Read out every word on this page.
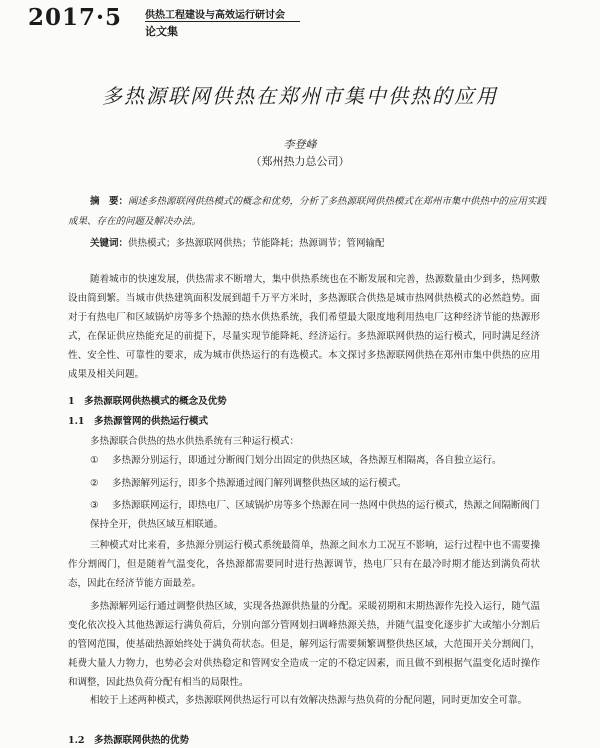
2017·5 供热工程建设与高效运行研讨会
论文集
多热源联网供热在郑州市集中供热的应用
李登峰
（郑州热力总公司）
摘　要：阐述多热源联网供热模式的概念和优势，分析了多热源联网供热模式在郑州市集中供热中的应用实践成果、存在的问题及解决办法。
关键词：供热模式；多热源联网供热；节能降耗；热源调节；管网输配
随着城市的快速发展，供热需求不断增大，集中供热系统也在不断发展和完善，热源数量由少到多，热网敷设由简到繁。当城市供热建筑面积发展到超千万平方米时，多热源联合供热是城市热网供热模式的必然趋势。面对于有热电厂和区域锅炉房等多个热源的热水供热系统，我们希望最大限度地利用热电厂这种经济节能的热源形式，在保证供应热能充足的前提下，尽量实现节能降耗、经济运行。多热源联网供热的运行模式，同时满足经济性、安全性、可靠性的要求，成为城市供热运行的有选模式。本文探讨多热源联网供热在郑州市集中供热的应用成果及相关问题。
1　多热源联网供热模式的概念及优势
1.1　多热源管网的供热运行模式
多热源联合供热的热水供热系统有三种运行模式：
① 多热源分别运行，即通过分断阀门划分出固定的供热区域，各热源互相隔离，各自独立运行。
② 多热源解列运行，即多个热源通过阀门解列调整供热区域的运行模式。
③ 多热源联网运行，即热电厂、区域锅炉房等多个热源在同一热网中供热的运行模式，热源之间隔断阀门保持全开，供热区域互相联通。
三种模式对比来看，多热源分别运行模式系统最简单，热源之间水力工况互不影响，运行过程中也不需要操作分割阀门，但是随着气温变化，各热源都需要同时进行热源调节，热电厂只有在最冷时期才能达到满负荷状态，因此在经济节能方面最差。
多热源解列运行通过调整供热区域，实现各热源供热量的分配。采暖初期和末期热源作先投入运行，随气温变化依次投入其他热源运行满负荷后，分别向部分管网划扫调峰热源关热，并随气温变化逐步扩大或缩小分割后的管网范围，使基础热源始终处于满负荷状态。但是，解列运行需要频繁调整供热区域，大范围开关分割阀门，耗费大量人力物力，也势必会对供热稳定和管网安全造成一定的不稳定因素，而且做不到根据气温变化适时操作和调整，因此热负荷分配有相当的局限性。
相较于上述两种模式，多热源联网供热运行可以有效解决热源与热负荷的分配问题，同时更加安全可靠。
1.2　多热源联网供热的优势
